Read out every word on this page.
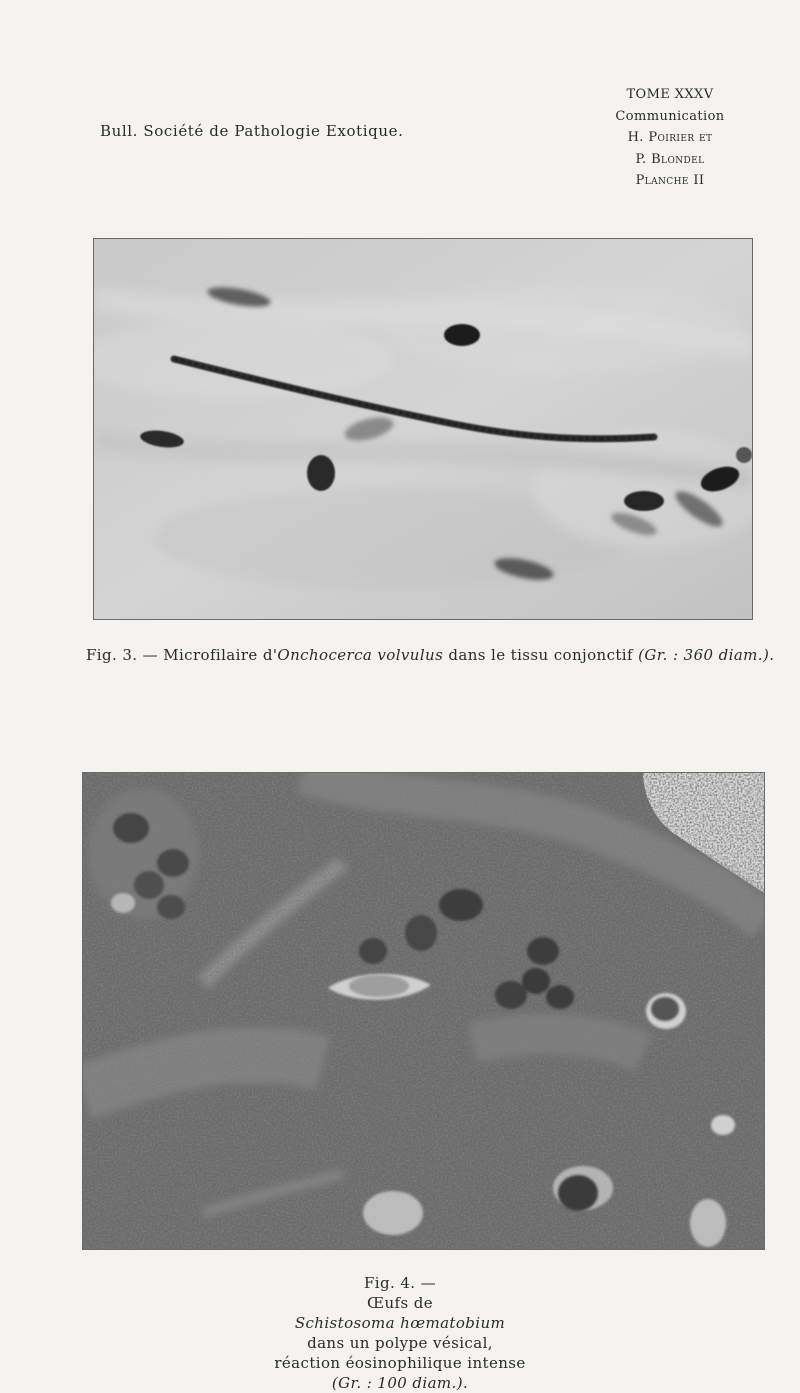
Bull. Société de Pathologie Exotique.
TOME XXXV
Communication
H. Poirier et
P. Blondel
Planche II
Fig. 3. — Microfilaire d'Onchocerca volvulus dans le tissu conjonctif (Gr. : 360 diam.).
Fig. 4. —
Œufs de
Schistosoma hœmatobium
dans un polype vésical,
réaction éosinophilique intense
(Gr. : 100 diam.).
